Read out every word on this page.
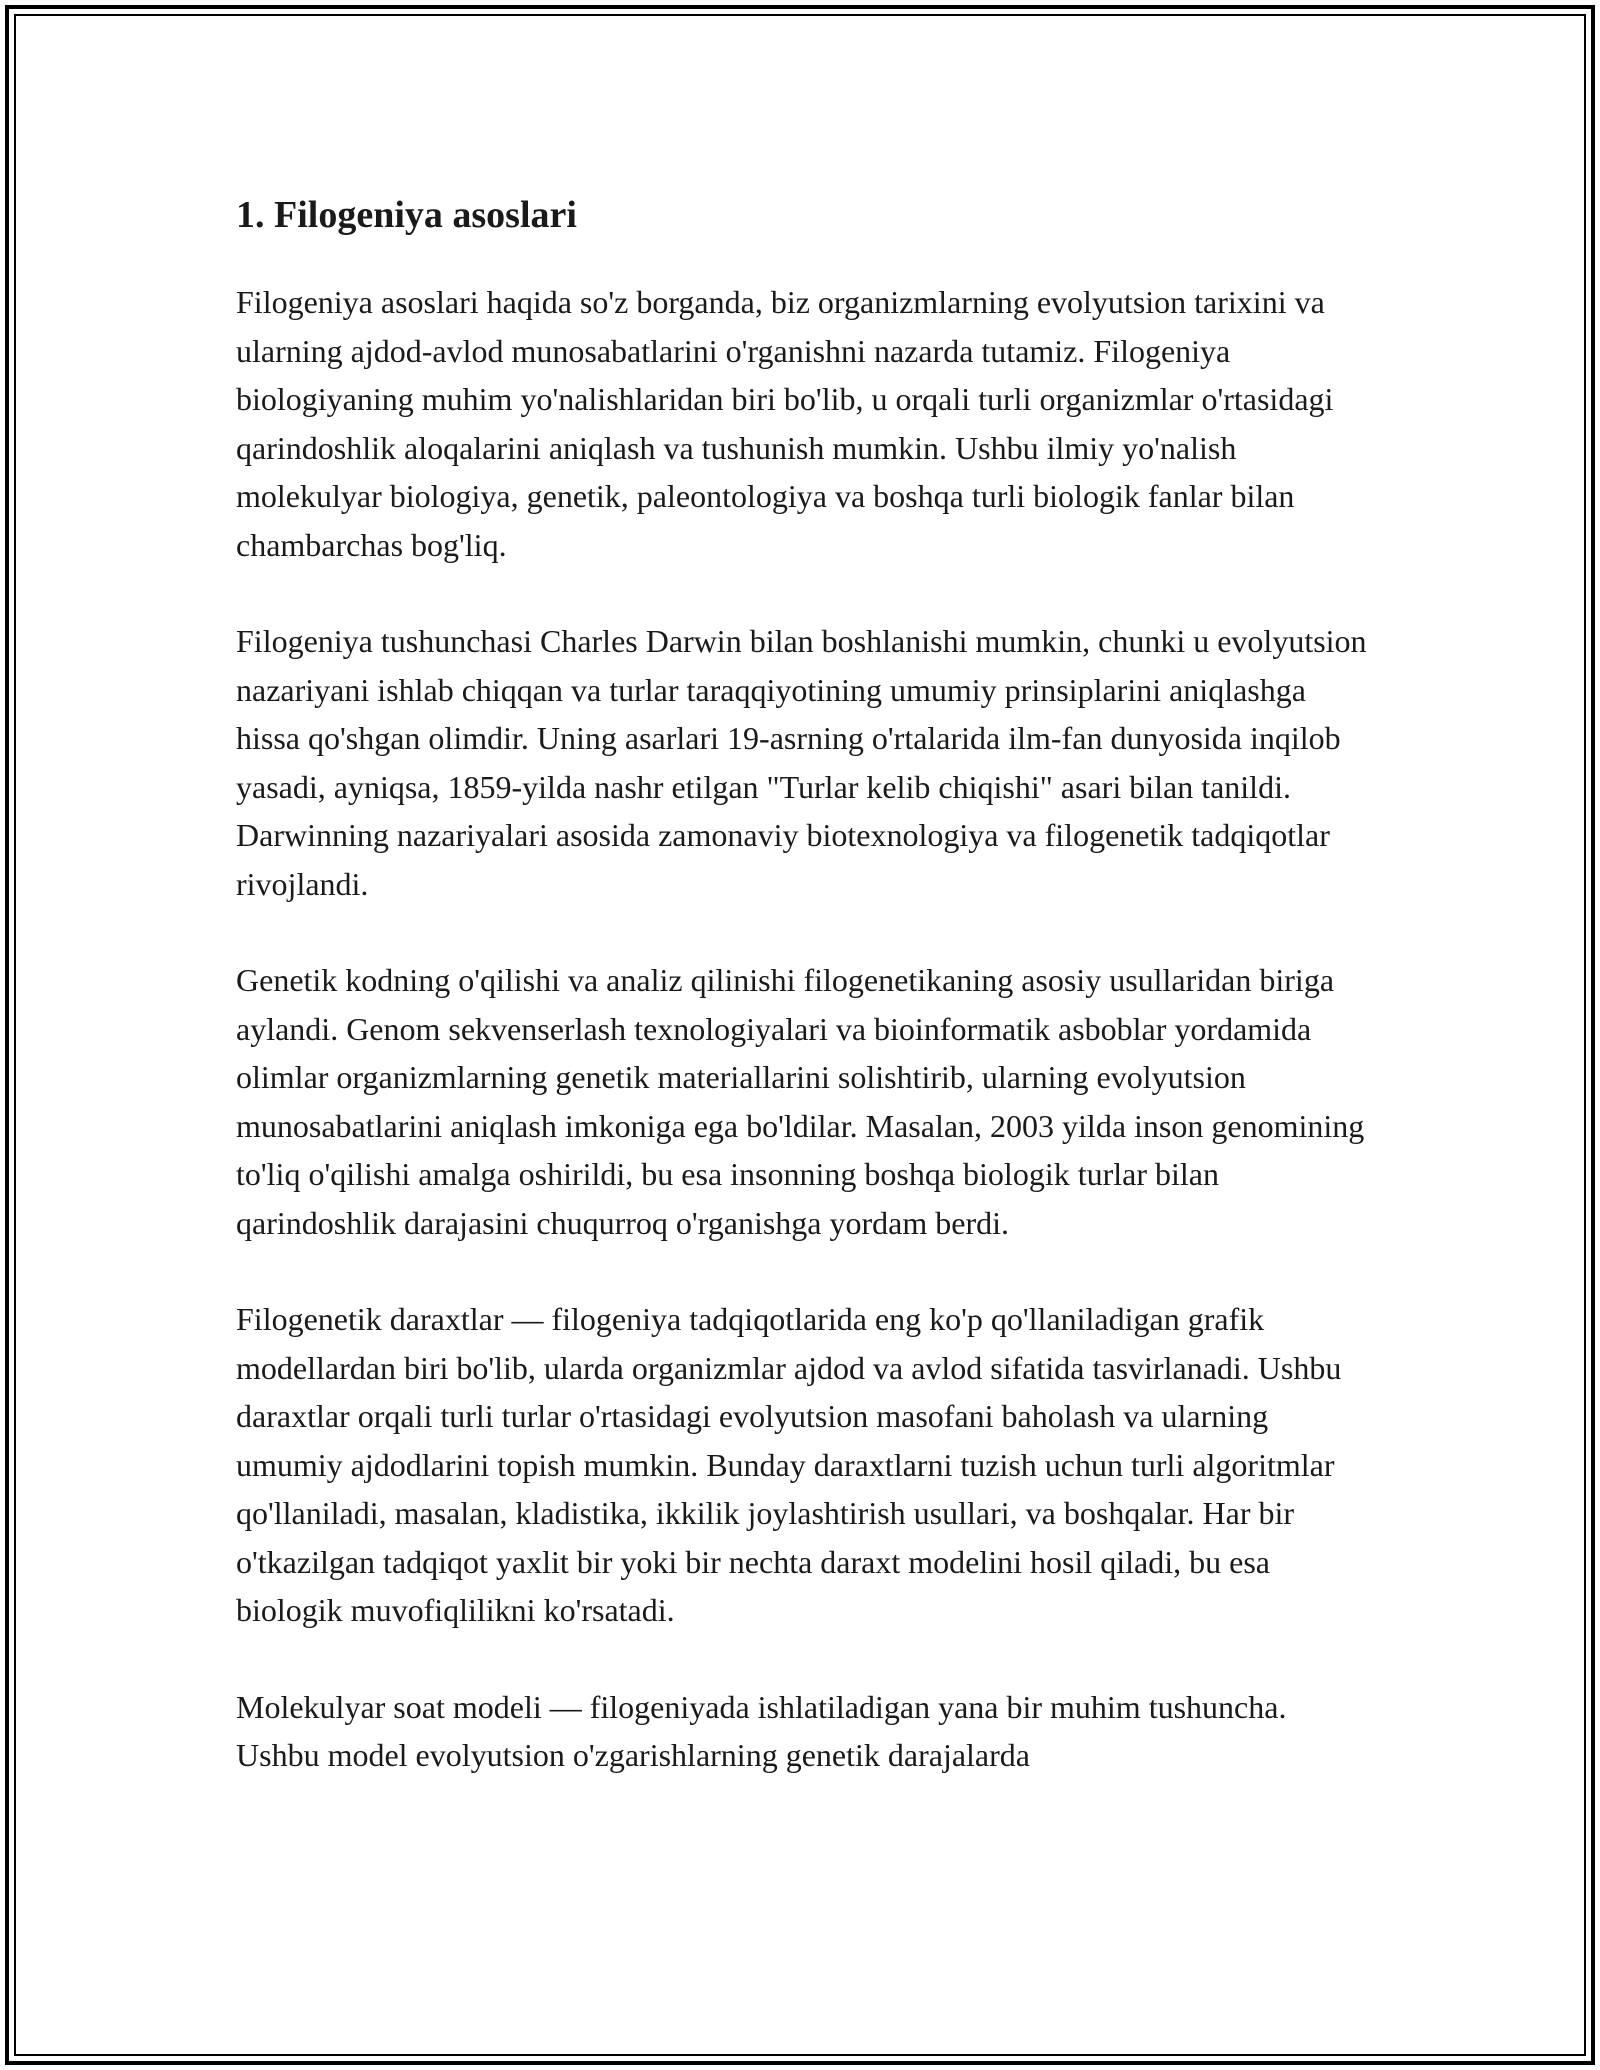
1. Filogeniya asoslari

Filogeniya asoslari haqida so'z borganda, biz organizmlarning evolyutsion tarixini va ularning ajdod-avlod munosabatlarini o'rganishni nazarda tutamiz. Filogeniya biologiyaning muhim yo'nalishlaridan biri bo'lib, u orqali turli organizmlar o'rtasidagi qarindoshlik aloqalarini aniqlash va tushunish mumkin. Ushbu ilmiy yo'nalish molekulyar biologiya, genetik, paleontologiya va boshqa turli biologik fanlar bilan chambarchas bog'liq.

Filogeniya tushunchasi Charles Darwin bilan boshlanishi mumkin, chunki u evolyutsion nazariyani ishlab chiqqan va turlar taraqqiyotining umumiy prinsiplarini aniqlashga hissa qo'shgan olimdir. Uning asarlari 19-asrning o'rtalarida ilm-fan dunyosida inqilob yasadi, ayniqsa, 1859-yilda nashr etilgan "Turlar kelib chiqishi" asari bilan tanildi. Darwinning nazariyalari asosida zamonaviy biotexnologiya va filogenetik tadqiqotlar rivojlandi.

Genetik kodning o'qilishi va analiz qilinishi filogenetikaning asosiy usullaridan biriga aylandi. Genom sekvenserlash texnologiyalari va bioinformatik asboblar yordamida olimlar organizmlarning genetik materiallarini solishtirib, ularning evolyutsion munosabatlarini aniqlash imkoniga ega bo'ldilar. Masalan, 2003 yilda inson genomining to'liq o'qilishi amalga oshirildi, bu esa insonning boshqa biologik turlar bilan qarindoshlik darajasini chuqurroq o'rganishga yordam berdi.

Filogenetik daraxtlar — filogeniya tadqiqotlarida eng ko'p qo'llaniladigan grafik modellardan biri bo'lib, ularda organizmlar ajdod va avlod sifatida tasvirlanadi. Ushbu daraxtlar orqali turli turlar o'rtasidagi evolyutsion masofani baholash va ularning umumiy ajdodlarini topish mumkin. Bunday daraxtlarni tuzish uchun turli algoritmlar qo'llaniladi, masalan, kladistika, ikkilik joylashtirish usullari, va boshqalar. Har bir o'tkazilgan tadqiqot yaxlit bir yoki bir nechta daraxt modelini hosil qiladi, bu esa biologik muvofiqlilikni ko'rsatadi.

Molekulyar soat modeli — filogeniyada ishlatiladigan yana bir muhim tushuncha. Ushbu model evolyutsion o'zgarishlarning genetik darajalarda
